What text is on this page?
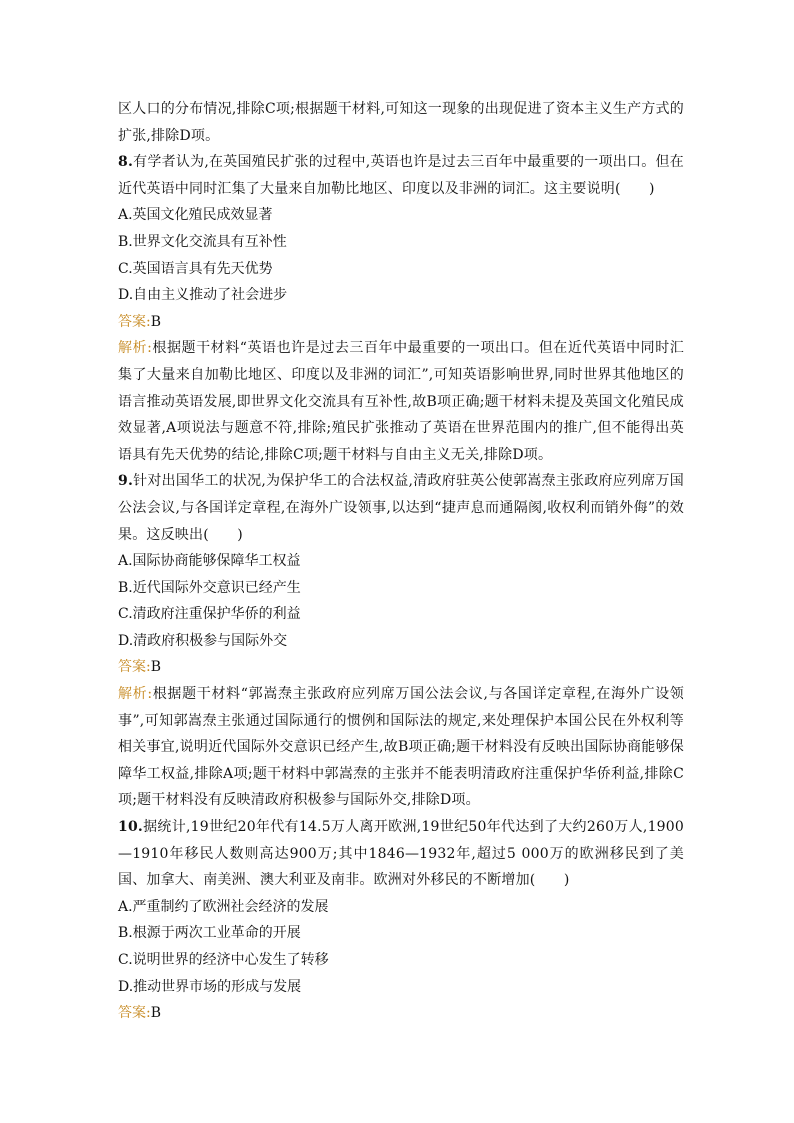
区人口的分布情况,排除C项;根据题干材料,可知这一现象的出现促进了资本主义生产方式的扩张,排除D项。

8.有学者认为,在英国殖民扩张的过程中,英语也许是过去三百年中最重要的一项出口。但在近代英语中同时汇集了大量来自加勒比地区、印度以及非洲的词汇。这主要说明(　　)

A.英国文化殖民成效显著

B.世界文化交流具有互补性

C.英国语言具有先天优势

D.自由主义推动了社会进步

答案:B

解析:根据题干材料“英语也许是过去三百年中最重要的一项出口。但在近代英语中同时汇集了大量来自加勒比地区、印度以及非洲的词汇”,可知英语影响世界,同时世界其他地区的语言推动英语发展,即世界文化交流具有互补性,故B项正确;题干材料未提及英国文化殖民成效显著,A项说法与题意不符,排除;殖民扩张推动了英语在世界范围内的推广,但不能得出英语具有先天优势的结论,排除C项;题干材料与自由主义无关,排除D项。

9.针对出国华工的状况,为保护华工的合法权益,清政府驻英公使郭嵩焘主张政府应列席万国公法会议,与各国详定章程,在海外广设领事,以达到“捷声息而通隔阂,收权利而销外侮”的效果。这反映出(　　)

A.国际协商能够保障华工权益

B.近代国际外交意识已经产生

C.清政府注重保护华侨的利益

D.清政府积极参与国际外交

答案:B

解析:根据题干材料“郭嵩焘主张政府应列席万国公法会议,与各国详定章程,在海外广设领事”,可知郭嵩焘主张通过国际通行的惯例和国际法的规定,来处理保护本国公民在外权利等相关事宜,说明近代国际外交意识已经产生,故B项正确;题干材料没有反映出国际协商能够保障华工权益,排除A项;题干材料中郭嵩焘的主张并不能表明清政府注重保护华侨利益,排除C项;题干材料没有反映清政府积极参与国际外交,排除D项。

10.据统计,19世纪20年代有14.5万人离开欧洲,19世纪50年代达到了大约260万人,1900—1910年移民人数则高达900万;其中1846—1932年,超过5 000万的欧洲移民到了美国、加拿大、南美洲、澳大利亚及南非。欧洲对外移民的不断增加(　　)

A.严重制约了欧洲社会经济的发展

B.根源于两次工业革命的开展

C.说明世界的经济中心发生了转移

D.推动世界市场的形成与发展

答案:B
